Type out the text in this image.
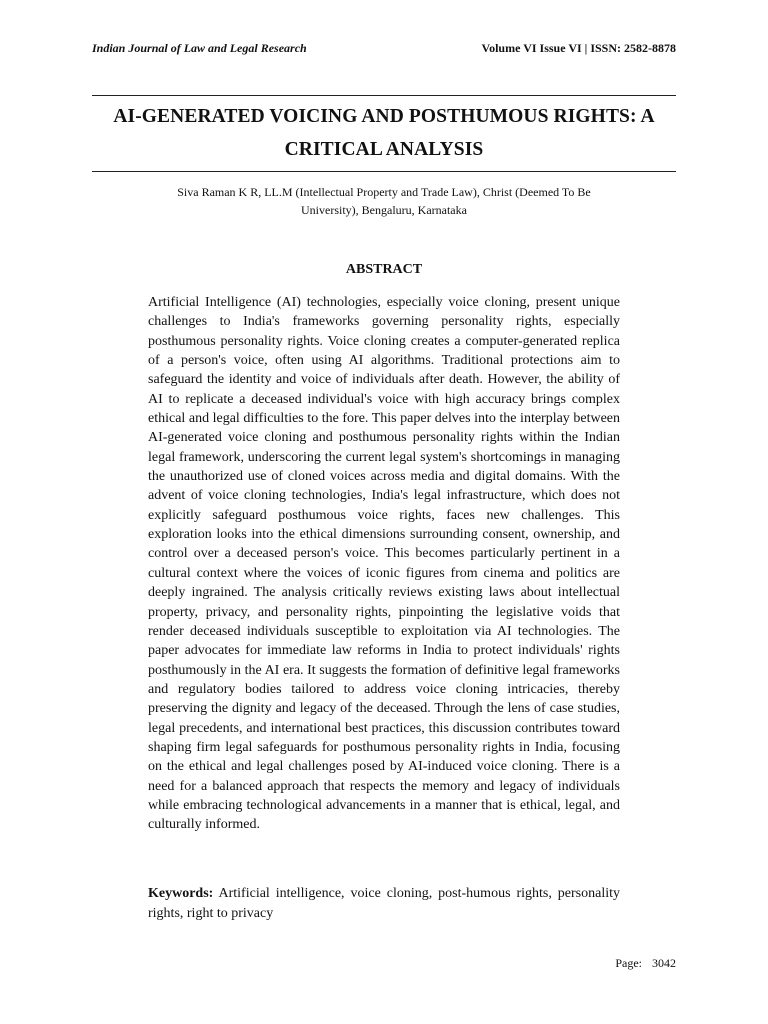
Indian Journal of Law and Legal Research	Volume VI Issue VI | ISSN: 2582-8878
AI-GENERATED VOICING AND POSTHUMOUS RIGHTS: A CRITICAL ANALYSIS
Siva Raman K R, LL.M (Intellectual Property and Trade Law), Christ (Deemed To Be University), Bengaluru, Karnataka
ABSTRACT
Artificial Intelligence (AI) technologies, especially voice cloning, present unique challenges to India's frameworks governing personality rights, especially posthumous personality rights. Voice cloning creates a computer-generated replica of a person's voice, often using AI algorithms. Traditional protections aim to safeguard the identity and voice of individuals after death. However, the ability of AI to replicate a deceased individual's voice with high accuracy brings complex ethical and legal difficulties to the fore. This paper delves into the interplay between AI-generated voice cloning and posthumous personality rights within the Indian legal framework, underscoring the current legal system's shortcomings in managing the unauthorized use of cloned voices across media and digital domains. With the advent of voice cloning technologies, India's legal infrastructure, which does not explicitly safeguard posthumous voice rights, faces new challenges. This exploration looks into the ethical dimensions surrounding consent, ownership, and control over a deceased person's voice. This becomes particularly pertinent in a cultural context where the voices of iconic figures from cinema and politics are deeply ingrained. The analysis critically reviews existing laws about intellectual property, privacy, and personality rights, pinpointing the legislative voids that render deceased individuals susceptible to exploitation via AI technologies. The paper advocates for immediate law reforms in India to protect individuals' rights posthumously in the AI era. It suggests the formation of definitive legal frameworks and regulatory bodies tailored to address voice cloning intricacies, thereby preserving the dignity and legacy of the deceased. Through the lens of case studies, legal precedents, and international best practices, this discussion contributes toward shaping firm legal safeguards for posthumous personality rights in India, focusing on the ethical and legal challenges posed by AI-induced voice cloning. There is a need for a balanced approach that respects the memory and legacy of individuals while embracing technological advancements in a manner that is ethical, legal, and culturally informed.
Keywords: Artificial intelligence, voice cloning, post-humous rights, personality rights, right to privacy
Page: 3042
